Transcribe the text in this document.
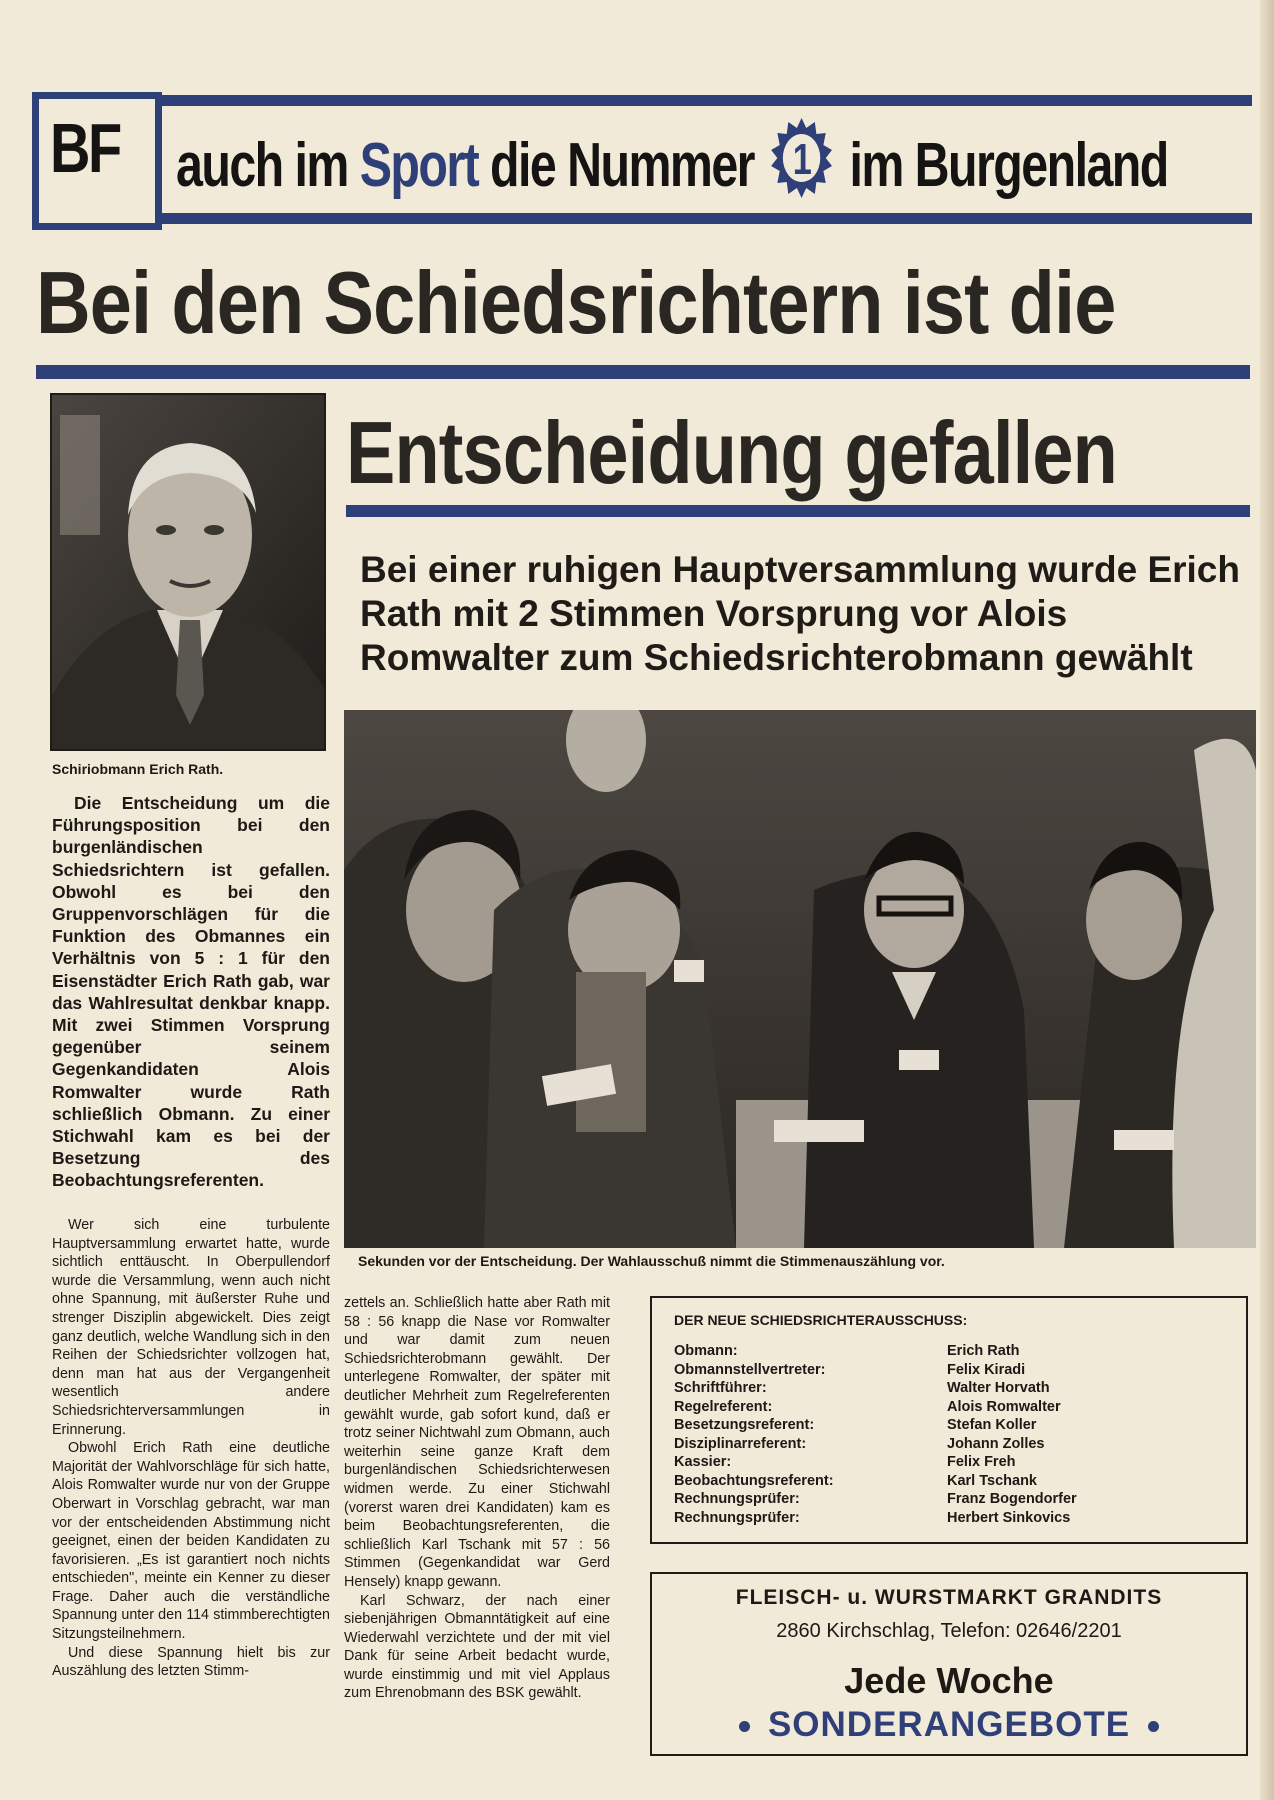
BF auch im Sport die Nummer 1 im Burgenland
Bei den Schiedsrichtern ist die
Entscheidung gefallen
Bei einer ruhigen Hauptversammlung wurde Erich Rath mit 2 Stimmen Vorsprung vor Alois Romwalter zum Schiedsrichterobmann gewählt
Schiriobmann Erich Rath.

Die Entscheidung um die Führungsposition bei den burgenländischen Schiedsrichtern ist gefallen. Obwohl es bei den Gruppenvorschlägen für die Funktion des Obmannes ein Verhältnis von 5 : 1 für den Eisenstädter Erich Rath gab, war das Wahlresultat denkbar knapp. Mit zwei Stimmen Vorsprung gegenüber seinem Gegenkandidaten Alois Romwalter wurde Rath schließlich Obmann. Zu einer Stichwahl kam es bei der Besetzung des Beobachtungsreferenten.

Wer sich eine turbulente Hauptversammlung erwartet hatte, wurde sichtlich enttäuscht. In Oberpullendorf wurde die Versammlung, wenn auch nicht ohne Spannung, mit äußerster Ruhe und strenger Disziplin abgewickelt. Dies zeigt ganz deutlich, welche Wandlung sich in den Reihen der Schiedsrichter vollzogen hat, denn man hat aus der Vergangenheit wesentlich andere Schiedsrichterversammlungen in Erinnerung.

Obwohl Erich Rath eine deutliche Majorität der Wahlvorschläge für sich hatte, Alois Romwalter wurde nur von der Gruppe Oberwart in Vorschlag gebracht, war man vor der entscheidenden Abstimmung nicht geeignet, einen der beiden Kandidaten zu favorisieren. „Es ist garantiert noch nichts entschieden", meinte ein Kenner zu dieser Frage. Daher auch die verständliche Spannung unter den 114 stimmberechtigten Sitzungsteilnehmern.

Und diese Spannung hielt bis zur Auszählung des letzten Stimm-

zettels an. Schließlich hatte aber Rath mit 58 : 56 knapp die Nase vor Romwalter und war damit zum neuen Schiedsrichterobmann gewählt. Der unterlegene Romwalter, der später mit deutlicher Mehrheit zum Regelreferenten gewählt wurde, gab sofort kund, daß er trotz seiner Nichtwahl zum Obmann, auch weiterhin seine ganze Kraft dem burgenländischen Schiedsrichterwesen widmen werde. Zu einer Stichwahl (vorerst waren drei Kandidaten) kam es beim Beobachtungsreferenten, die schließlich Karl Tschank mit 57 : 56 Stimmen (Gegenkandidat war Gerd Hensely) knapp gewann.

Karl Schwarz, der nach einer siebenjährigen Obmanntätigkeit auf eine Wiederwahl verzichtete und der mit viel Dank für seine Arbeit bedacht wurde, wurde einstimmig und mit viel Applaus zum Ehrenobmann des BSK gewählt.

Sekunden vor der Entscheidung. Der Wahlausschuß nimmt die Stimmenauszählung vor.
DER NEUE SCHIEDSRICHTERAUSSCHUSS:
Obmann:	Erich Rath
Obmannstellvertreter:	Felix Kiradi
Schriftführer:	Walter Horvath
Regelreferent:	Alois Romwalter
Besetzungsreferent:	Stefan Koller
Disziplinarreferent:	Johann Zolles
Kassier:	Felix Freh
Beobachtungsreferent:	Karl Tschank
Rechnungsprüfer:	Franz Bogendorfer
Rechnungsprüfer:	Herbert Sinkovics
FLEISCH- u. WURSTMARKT GRANDITS
2860 Kirchschlag, Telefon: 02646/2201
Jede Woche
SONDERANGEBOTE
